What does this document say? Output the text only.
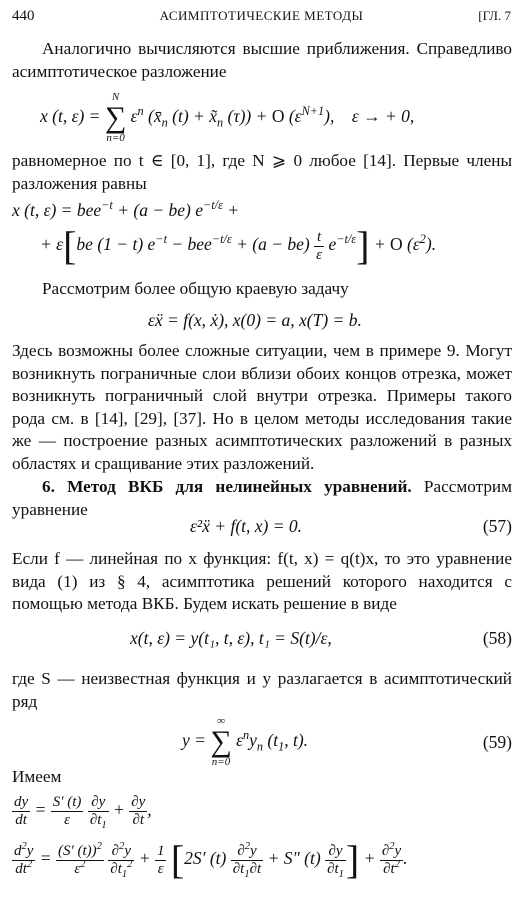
440	АСИМПТОТИЧЕСКИЕ МЕТОДЫ	[ГЛ. 7

Аналогично вычисляются высшие приближения. Справедливо асимптотическое разложение

x (t, ε) =
N
∑
n=0
$\varepsilon^n$ ($x̄_n$ $(t) + x̃_n$ (τ)) + O $(\varepsilon^{N+1})$,    ε → + 0,

равномерное по t ∈ [0, 1], где N ⩾ 0 любое [14]. Первые члены разложения равны

x (t, ε) = bee$^{-t}$ + (a − be) $e^{-t/\varepsilon}$ +
+ ε[be (1 − t) $e^{-t} - bee^{-t/\varepsilon} + (a - be) \frac{t}{\varepsilon} e^{-t/\varepsilon}] + O$ $(\varepsilon^2)$.

Рассмотрим более общую краевую задачу

εẍ = f(x, ẋ), x(0) = a, x(T) = b.

Здесь возможны более сложные ситуации, чем в примере 9. Могут возникнуть пограничные слои вблизи обоих концов отрезка, может возникнуть пограничный слой внутри отрезка. Примеры такого рода см. в [14], [29], [37]. Но в целом методы исследования такие же — построение разных асимптотических разложений в разных областях и сращивание этих разложений.

6. Метод ВКБ для нелинейных уравнений. Рассмотрим уравнение

ε²ẍ + f(t, x) = 0.	(57)

Если f — линейная по x функция: f(t, x) = q(t)x, то это уравнение вида (1) из § 4, асимптотика решений которого находится с помощью метода ВКБ. Будем искать решение в виде

x(t, ε) = y(t₁, t, ε), t₁ = S(t)/ε,	(58)

где S — неизвестная функция и y разлагается в асимптотический ряд

y =
∞
∑
n=0
$\varepsilon^ny_n$ ($t_1$, t).	(59)

Имеем

$\frac{dy}{dt} = \frac{S' (t)}{\varepsilon}$
$\frac{\partial y}{\partial t_1} + \frac{\partial y}{\partial t}$ ,
$\frac{d^2y}{dt^2} = \frac{(S' (t))^2}{\varepsilon^2}$
$\frac{\partial^2y}{\partial t_1^2} + \frac{1}{\varepsilon} [2S'$ $(t) \frac{\partial^2y}{\partial t_1\partial t} + S''$ $(t) \frac{\partial y}{\partial t_1}$ ] + $\frac{\partial^2y}{\partial t^2}$ .
